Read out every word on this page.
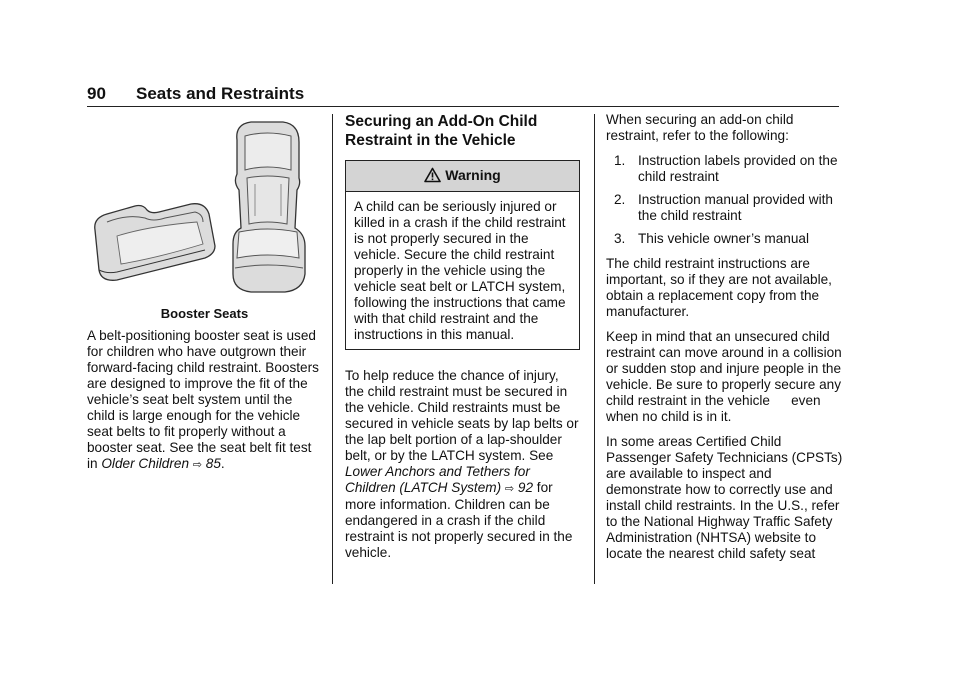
90 Seats and Restraints
Booster Seats

A belt-positioning booster seat is used for children who have outgrown their forward-facing child restraint. Boosters are designed to improve the fit of the vehicle’s seat belt system until the child is large enough for the vehicle seat belts to fit properly without a booster seat. See the seat belt fit test in Older Children ⇨ 85.

Securing an Add-On Child Restraint in the Vehicle
Warning

A child can be seriously injured or killed in a crash if the child restraint is not properly secured in the vehicle. Secure the child restraint properly in the vehicle using the vehicle seat belt or LATCH system, following the instructions that came with that child restraint and the instructions in this manual.

To help reduce the chance of injury, the child restraint must be secured in the vehicle. Child restraints must be secured in vehicle seats by lap belts or the lap belt portion of a lap-shoulder belt, or by the LATCH system. See Lower Anchors and Tethers for Children (LATCH System) ⇨ 92 for more information. Children can be endangered in a crash if the child restraint is not properly secured in the vehicle.

When securing an add-on child restraint, refer to the following:

1. Instruction labels provided on the child restraint
2. Instruction manual provided with the child restraint
3. This vehicle owner’s manual

The child restraint instructions are important, so if they are not available, obtain a replacement copy from the manufacturer.

Keep in mind that an unsecured child restraint can move around in a collision or sudden stop and injure people in the vehicle. Be sure to properly secure any child restraint in the vehicle   even when no child is in it.

In some areas Certified Child Passenger Safety Technicians (CPSTs) are available to inspect and demonstrate how to correctly use and install child restraints. In the U.S., refer to the National Highway Traffic Safety Administration (NHTSA) website to locate the nearest child safety seat
